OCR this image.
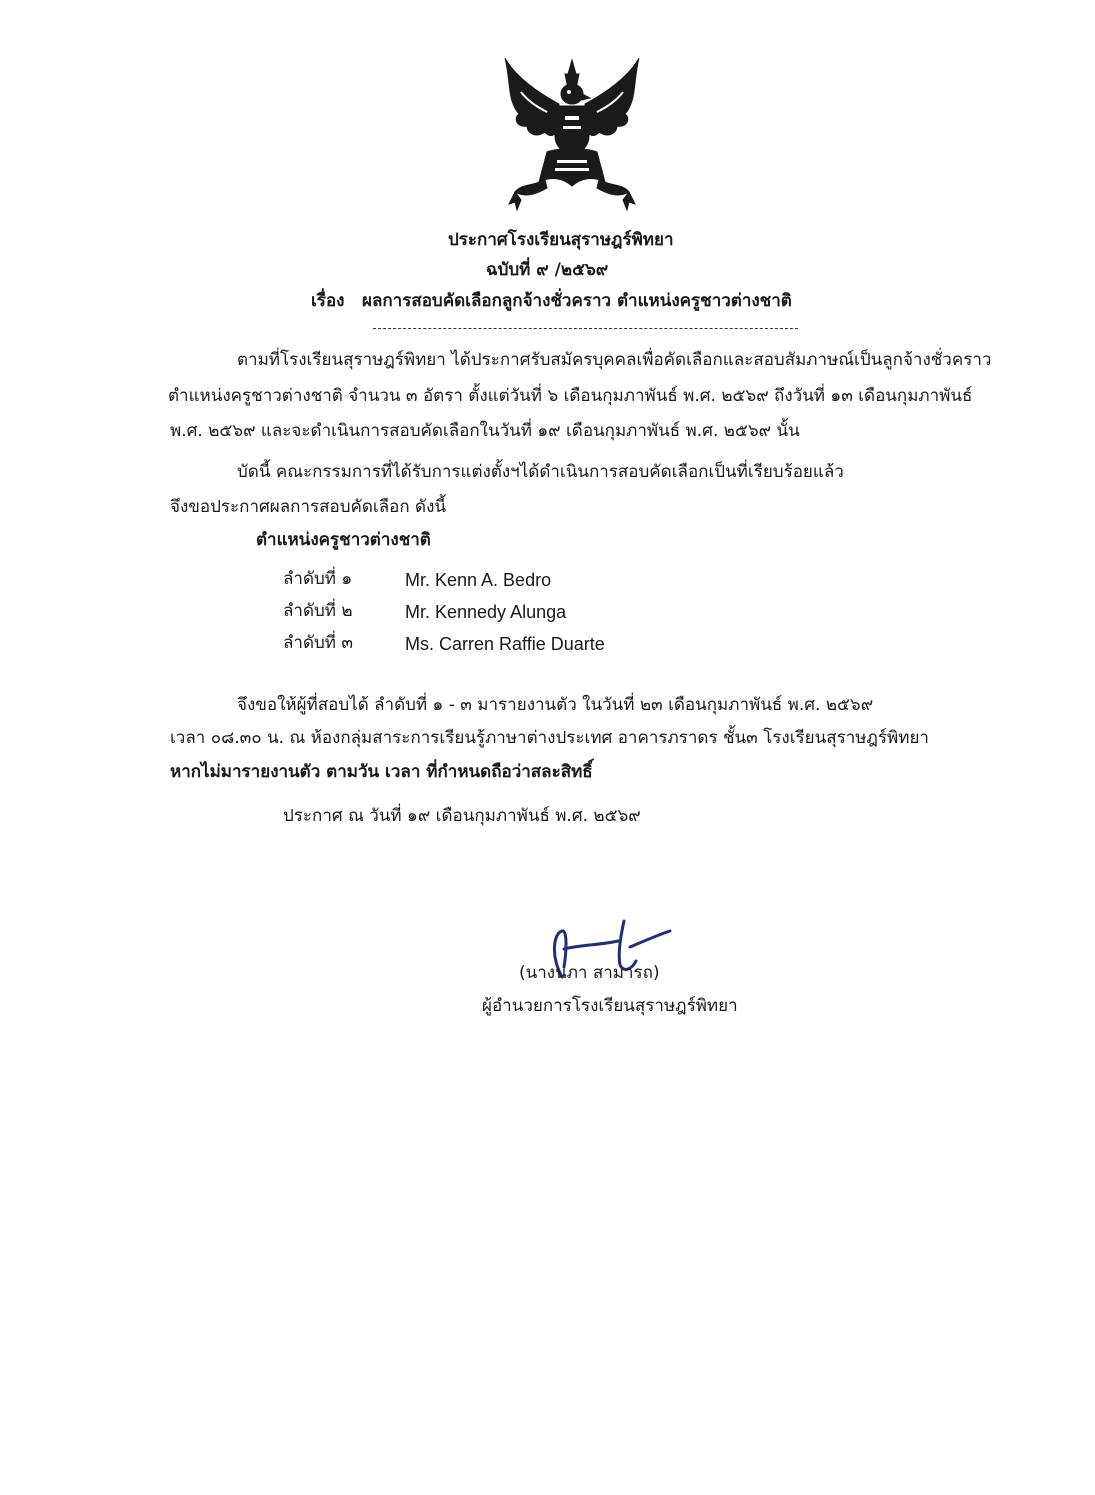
ประกาศโรงเรียนสุราษฎร์พิทยา
ฉบับที่ ๙ /๒๕๖๙
เรื่อง ผลการสอบคัดเลือกลูกจ้างชั่วคราว ตำแหน่งครูชาวต่างชาติ
ตามที่โรงเรียนสุราษฎร์พิทยา ได้ประกาศรับสมัครบุคคลเพื่อคัดเลือกและสอบสัมภาษณ์เป็นลูกจ้างชั่วคราว
ตำแหน่งครูชาวต่างชาติ จำนวน ๓ อัตรา ตั้งแต่วันที่ ๖ เดือนกุมภาพันธ์ พ.ศ. ๒๕๖๙ ถึงวันที่ ๑๓ เดือนกุมภาพันธ์
พ.ศ. ๒๕๖๙ และจะดำเนินการสอบคัดเลือกในวันที่ ๑๙ เดือนกุมภาพันธ์ พ.ศ. ๒๕๖๙ นั้น
บัดนี้ คณะกรรมการที่ได้รับการแต่งตั้งฯได้ดำเนินการสอบคัดเลือกเป็นที่เรียบร้อยแล้ว
จึงขอประกาศผลการสอบคัดเลือก ดังนี้
ตำแหน่งครูชาวต่างชาติ
ลำดับที่ ๑	Mr. Kenn A. Bedro
ลำดับที่ ๒	Mr. Kennedy Alunga
ลำดับที่ ๓	Ms. Carren Raffie Duarte
จึงขอให้ผู้ที่สอบได้ ลำดับที่ ๑ - ๓ มารายงานตัว ในวันที่ ๒๓ เดือนกุมภาพันธ์ พ.ศ. ๒๕๖๙
เวลา ๐๘.๓๐ น. ณ ห้องกลุ่มสาระการเรียนรู้ภาษาต่างประเทศ อาคารภราดร ชั้น๓ โรงเรียนสุราษฎร์พิทยา
หากไม่มารายงานตัว ตามวัน เวลา ที่กำหนดถือว่าสละสิทธิ์
ประกาศ ณ วันที่ ๑๙ เดือนกุมภาพันธ์ พ.ศ. ๒๕๖๙
(นางนภา สามารถ)
ผู้อำนวยการโรงเรียนสุราษฎร์พิทยา
